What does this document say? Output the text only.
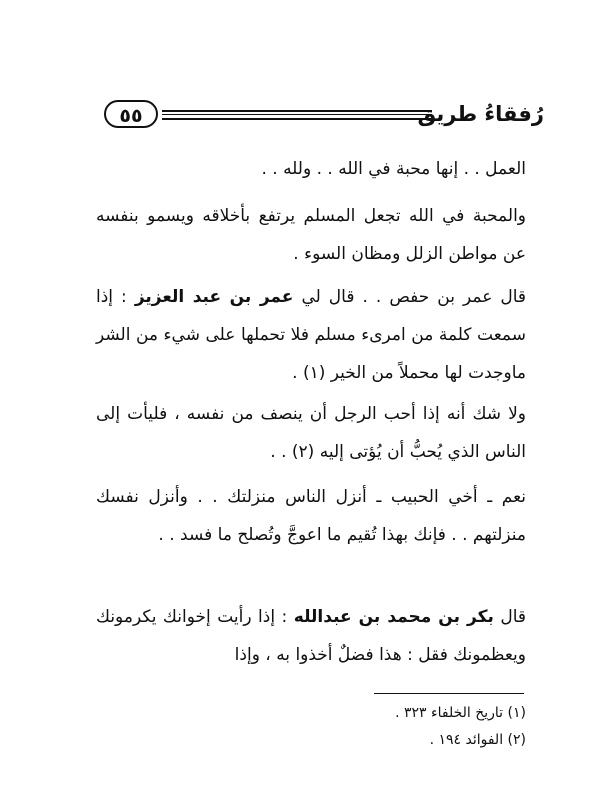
٥٥	رُفقاءُ طريق

العمل . . إنها محبة في الله . . ولله . .

والمحبة في الله تجعل المسلم يرتفع بأخلاقه ويسمو بنفسه عن مواطن الزلل ومظان السوء .

قال عمر بن حفص . . قال لي عمر بن عبد العزيز : إذا سمعت كلمة من امرىء مسلم فلا تحملها على شيء من الشر ماوجدت لها محملاً من الخير (١) .

ولا شك أنه إذا أحب الرجل أن ينصف من نفسه ، فليأت إلى الناس الذي يُحبُّ أن يُؤتى إليه (٢) . .

نعم ـ أخي الحبيب ـ أنزل الناس منزلتك . . وأنزل نفسك منزلتهم . . فإنك بهذا تُقيم ما اعوجَّ وتُصلح ما فسد . .

قال بكر بن محمد بن عبدالله : إذا رأيت إخوانك يكرمونك ويعظمونك فقل : هذا فضلٌ أخذوا به ، وإذا

(١) تاريخ الخلفاء ٣٢٣ .
(٢) الفوائد ١٩٤ .
